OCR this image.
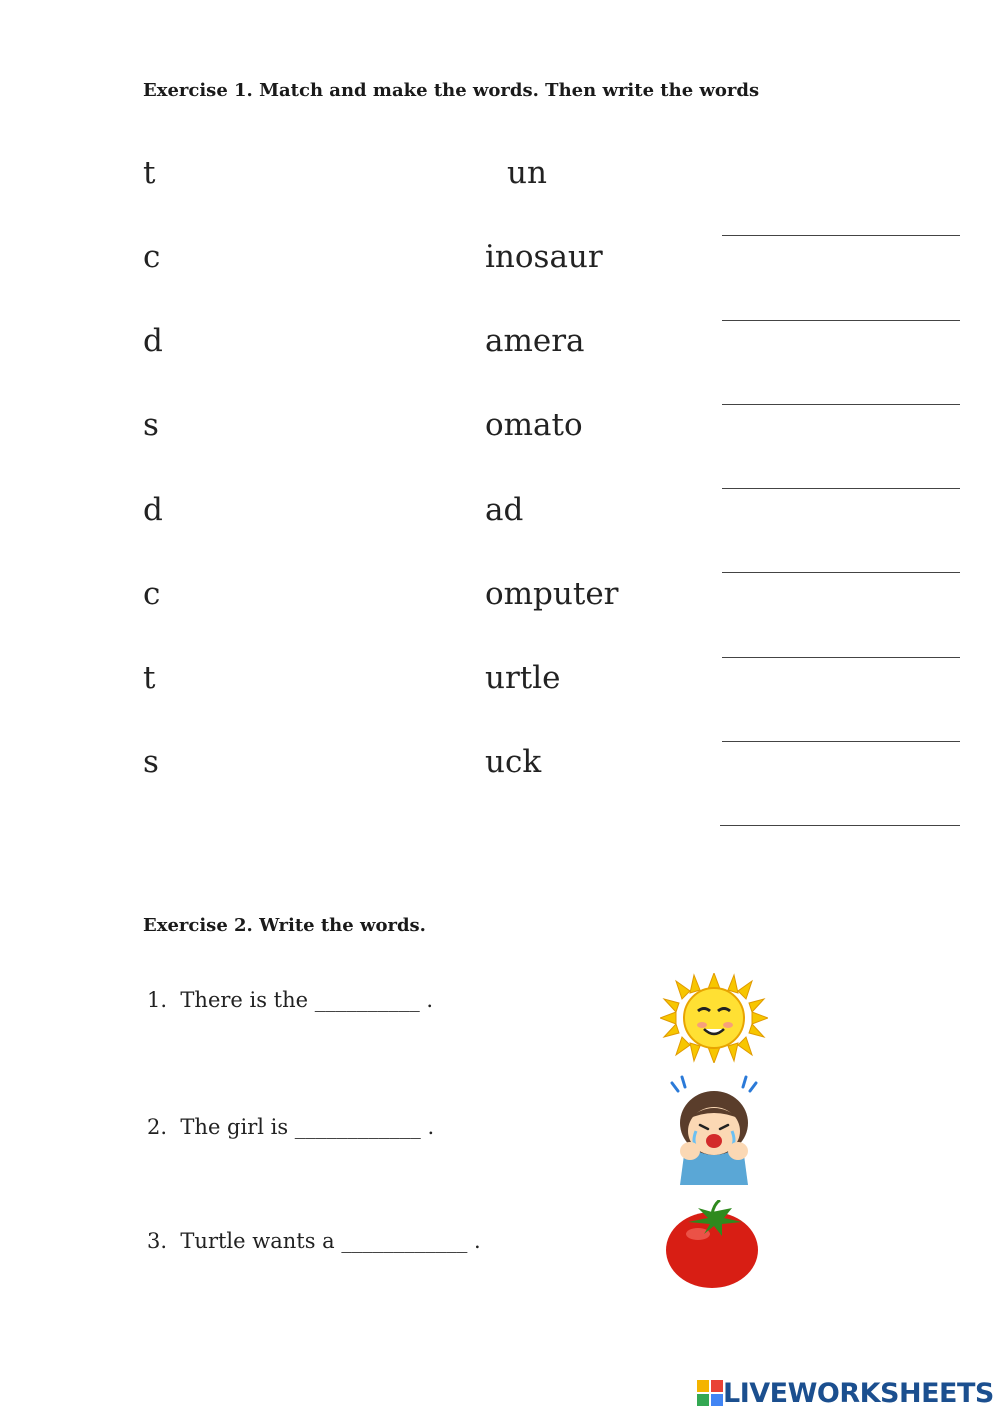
Exercise 1. Match and make the words. Then write the words
t
c
d
s
d
c
t
s
un
inosaur
amera
omato
ad
omputer
urtle
uck
Exercise 2. Write the words.
1. There is the __________ .
2. The girl is ____________ .
3. Turtle wants a ____________ .
LIVEWORKSHEETS
